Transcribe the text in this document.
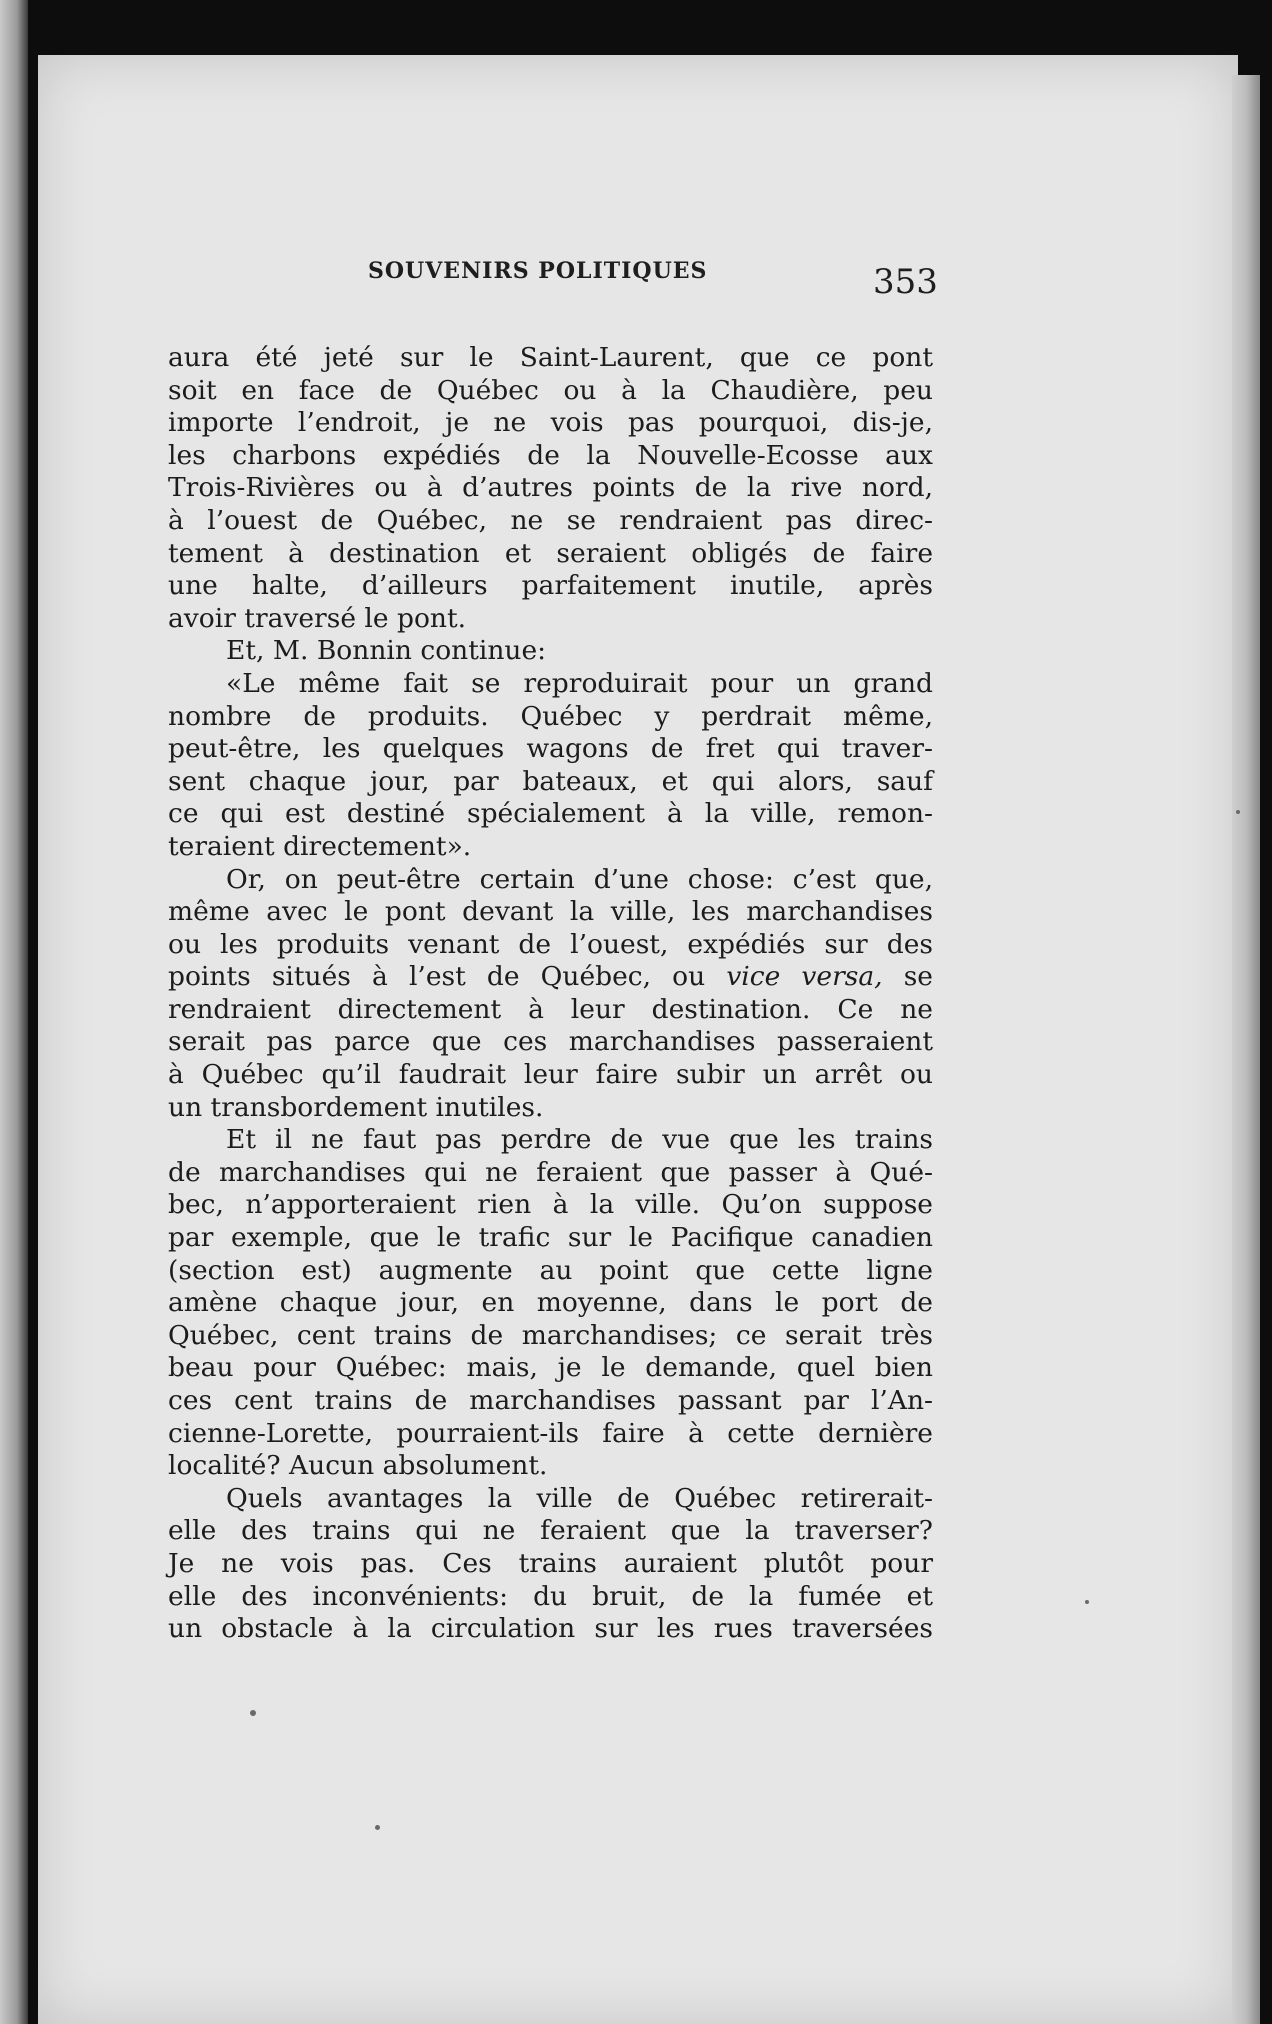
SOUVENIRS POLITIQUES	353
aura été jeté sur le Saint-Laurent, que ce pont
soit en face de Québec ou à la Chaudière, peu
importe l’endroit, je ne vois pas pourquoi, dis-je,
les charbons expédiés de la Nouvelle-Ecosse aux
Trois-Rivières ou à d’autres points de la rive nord,
à l’ouest de Québec, ne se rendraient pas direc-
tement à destination et seraient obligés de faire
une halte, d’ailleurs parfaitement inutile, après
avoir traversé le pont.
Et, M. Bonnin continue:
«Le même fait se reproduirait pour un grand
nombre de produits. Québec y perdrait même,
peut-être, les quelques wagons de fret qui traver-
sent chaque jour, par bateaux, et qui alors, sauf
ce qui est destiné spécialement à la ville, remon-
teraient directement».
Or, on peut-être certain d’une chose: c’est que,
même avec le pont devant la ville, les marchandises
ou les produits venant de l’ouest, expédiés sur des
points situés à l’est de Québec, ou vice versa, se
rendraient directement à leur destination. Ce ne
serait pas parce que ces marchandises passeraient
à Québec qu’il faudrait leur faire subir un arrêt ou
un transbordement inutiles.
Et il ne faut pas perdre de vue que les trains
de marchandises qui ne feraient que passer à Qué-
bec, n’apporteraient rien à la ville. Qu’on suppose
par exemple, que le trafic sur le Pacifique canadien
(section est) augmente au point que cette ligne
amène chaque jour, en moyenne, dans le port de
Québec, cent trains de marchandises; ce serait très
beau pour Québec: mais, je le demande, quel bien
ces cent trains de marchandises passant par l’An-
cienne-Lorette, pourraient-ils faire à cette dernière
localité? Aucun absolument.
Quels avantages la ville de Québec retirerait-
elle des trains qui ne feraient que la traverser?
Je ne vois pas. Ces trains auraient plutôt pour
elle des inconvénients: du bruit, de la fumée et
un obstacle à la circulation sur les rues traversées
